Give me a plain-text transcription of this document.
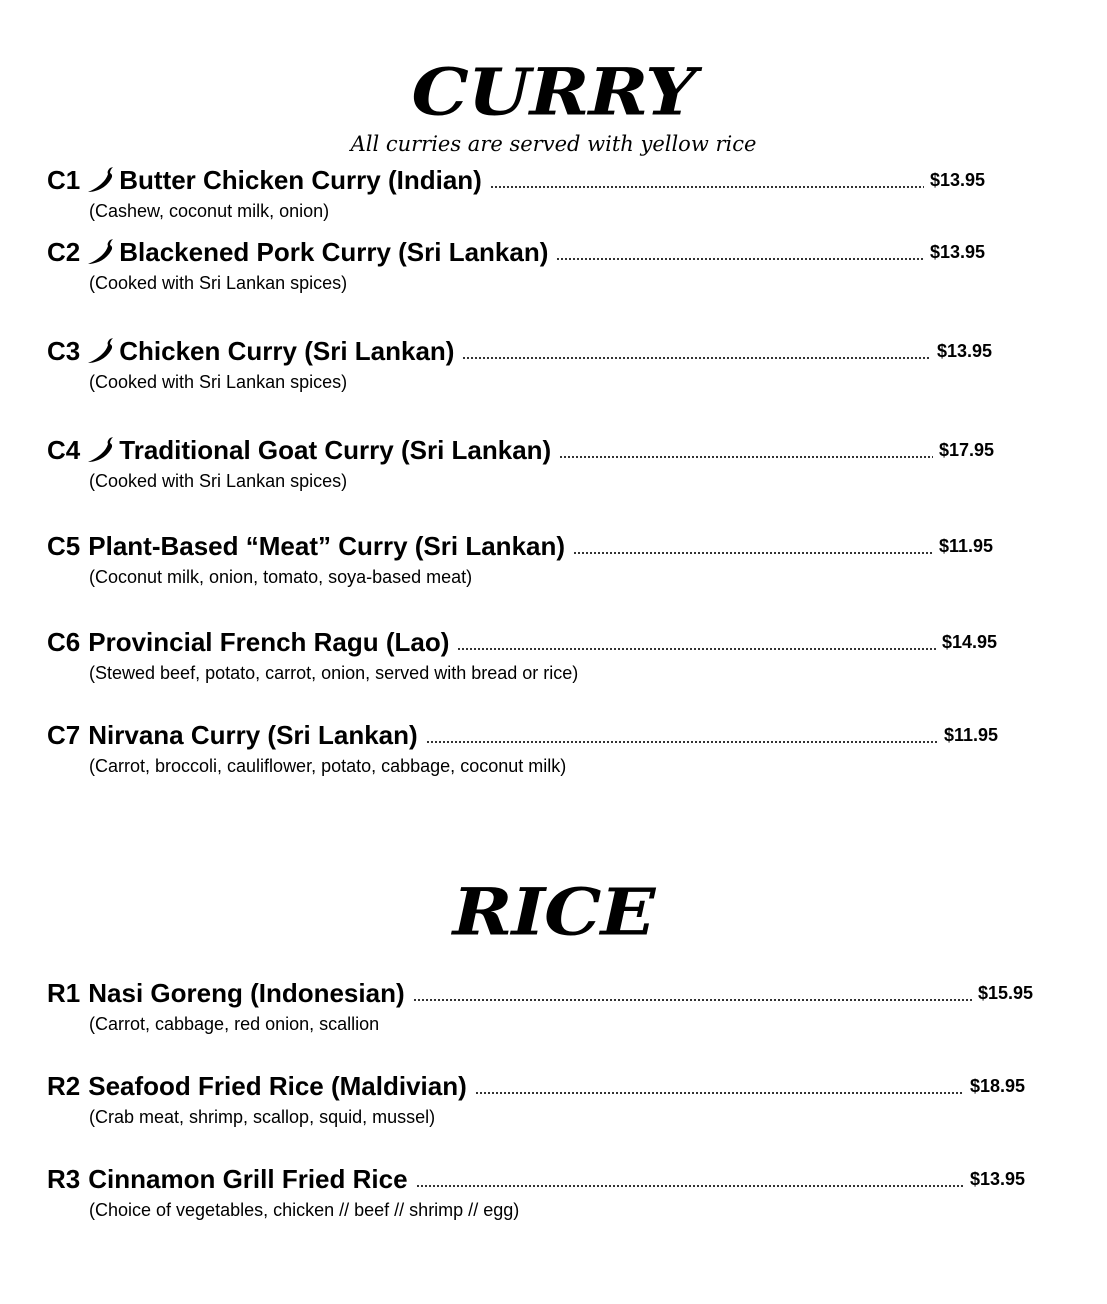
CURRY
All curries are served with yellow rice
C1 Butter Chicken Curry (Indian)	$13.95
(Cashew, coconut milk, onion)
C2 Blackened Pork Curry (Sri Lankan)	$13.95
(Cooked with Sri Lankan spices)
C3 Chicken Curry (Sri Lankan)	$13.95
(Cooked with Sri Lankan spices)
C4 Traditional Goat Curry (Sri Lankan)	$17.95
(Cooked with Sri Lankan spices)
C5 Plant-Based “Meat” Curry (Sri Lankan)	$11.95
(Coconut milk, onion, tomato, soya-based meat)
C6 Provincial French Ragu (Lao)	$14.95
(Stewed beef, potato, carrot, onion, served with bread or rice)
C7 Nirvana Curry (Sri Lankan)	$11.95
(Carrot, broccoli, cauliflower, potato, cabbage, coconut milk)
RICE
R1 Nasi Goreng (Indonesian)	$15.95
(Carrot, cabbage, red onion, scallion
R2 Seafood Fried Rice (Maldivian)	$18.95
(Crab meat, shrimp, scallop, squid, mussel)
R3 Cinnamon Grill Fried Rice	$13.95
(Choice of vegetables, chicken // beef // shrimp // egg)
